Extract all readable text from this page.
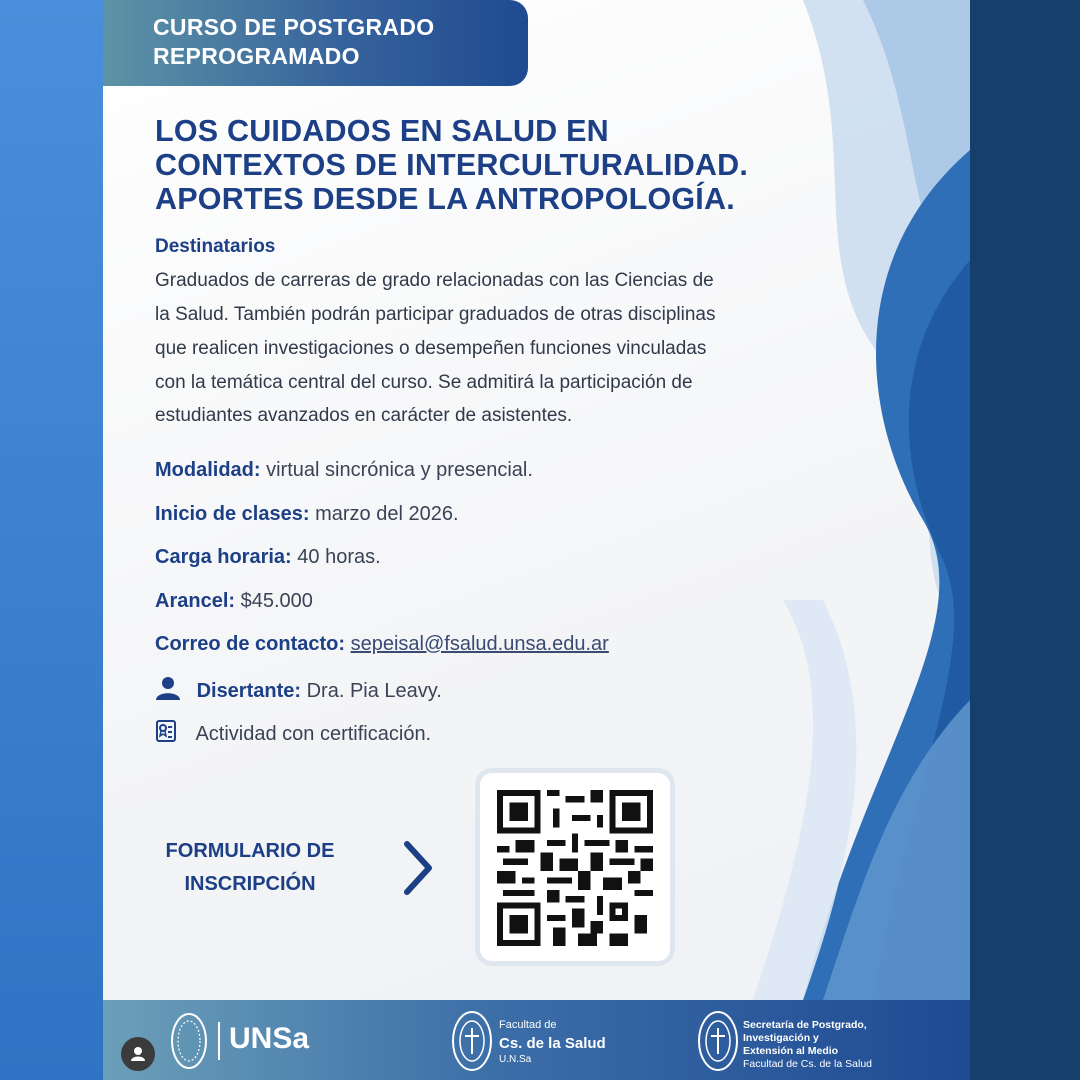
CURSO DE POSTGRADO
REPROGRAMADO
LOS CUIDADOS EN SALUD EN
CONTEXTOS DE INTERCULTURALIDAD.
APORTES DESDE LA ANTROPOLOGÍA.
Destinatarios
Graduados de carreras de grado relacionadas con las Ciencias de
la Salud. También podrán participar graduados de otras disciplinas
que realicen investigaciones o desempeñen funciones vinculadas
con la temática central del curso. Se admitirá la participación de
estudiantes avanzados en carácter de asistentes.
Modalidad: virtual sincrónica y presencial.
Inicio de clases: marzo del 2026.
Carga horaria: 40 horas.
Arancel: $45.000
Correo de contacto: sepeisal@fsalud.unsa.edu.ar
Disertante: Dra. Pia Leavy.
Actividad con certificación.
FORMULARIO DE
INSCRIPCIÓN
UNSa	Facultad de
Cs. de la Salud
U.N.Sa
Secretaría de Postgrado,
Investigación y
Extensión al Medio
Facultad de Cs. de la Salud
